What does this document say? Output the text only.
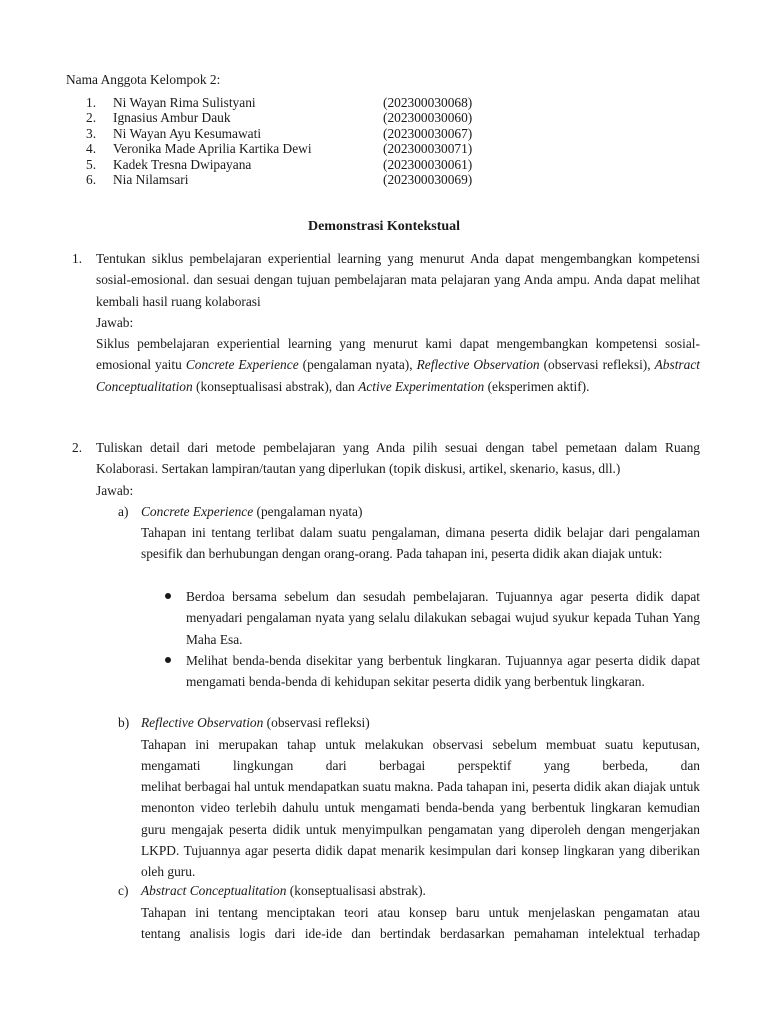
Nama Anggota Kelompok 2:
1.	Ni Wayan Rima Sulistyani	(202300030068)
2.	Ignasius Ambur Dauk	(202300030060)
3.	Ni Wayan Ayu Kesumawati	(202300030067)
4.	Veronika Made Aprilia Kartika Dewi	(202300030071)
5.	Kadek Tresna Dwipayana	(202300030061)
6.	Nia Nilamsari	(202300030069)
Demonstrasi Kontekstual
1. Tentukan siklus pembelajaran experiential learning yang menurut Anda dapat mengembangkan kompetensi sosial-emosional. dan sesuai dengan tujuan pembelajaran mata pelajaran yang Anda ampu. Anda dapat melihat kembali hasil ruang kolaborasi
Jawab:
Siklus pembelajaran experiential learning yang menurut kami dapat mengembangkan kompetensi sosial-emosional yaitu Concrete Experience (pengalaman nyata), Reflective Observation (observasi refleksi), Abstract Conceptualitation (konseptualisasi abstrak), dan Active Experimentation (eksperimen aktif).
2. Tuliskan detail dari metode pembelajaran yang Anda pilih sesuai dengan tabel pemetaan dalam Ruang Kolaborasi. Sertakan lampiran/tautan yang diperlukan (topik diskusi, artikel, skenario, kasus, dll.)
Jawab:
a) Concrete Experience (pengalaman nyata)
Tahapan ini tentang terlibat dalam suatu pengalaman, dimana peserta didik belajar dari pengalaman spesifik dan berhubungan dengan orang-orang. Pada tahapan ini, peserta didik akan diajak untuk:
Berdoa bersama sebelum dan sesudah pembelajaran. Tujuannya agar peserta didik dapat menyadari pengalaman nyata yang selalu dilakukan sebagai wujud syukur kepada Tuhan Yang Maha Esa.
Melihat benda-benda disekitar yang berbentuk lingkaran. Tujuannya agar peserta didik dapat mengamati benda-benda di kehidupan sekitar peserta didik yang berbentuk lingkaran.
b) Reflective Observation (observasi refleksi)
Tahapan ini merupakan tahap untuk melakukan observasi sebelum membuat suatu keputusan,
mengamati lingkungan dari berbagai perspektif yang berbeda, dan
melihat berbagai hal untuk mendapatkan suatu makna. Pada tahapan ini, peserta didik akan diajak untuk menonton video terlebih dahulu untuk mengamati benda-benda yang berbentuk lingkaran kemudian guru mengajak peserta didik untuk menyimpulkan pengamatan yang diperoleh dengan mengerjakan LKPD. Tujuannya agar peserta didik dapat menarik kesimpulan dari konsep lingkaran yang diberikan oleh guru.
c) Abstract Conceptualitation (konseptualisasi abstrak).
Tahapan ini tentang menciptakan teori atau konsep baru untuk menjelaskan pengamatan atau
tentang analisis logis dari ide-ide dan bertindak berdasarkan pemahaman intelektual terhadap
